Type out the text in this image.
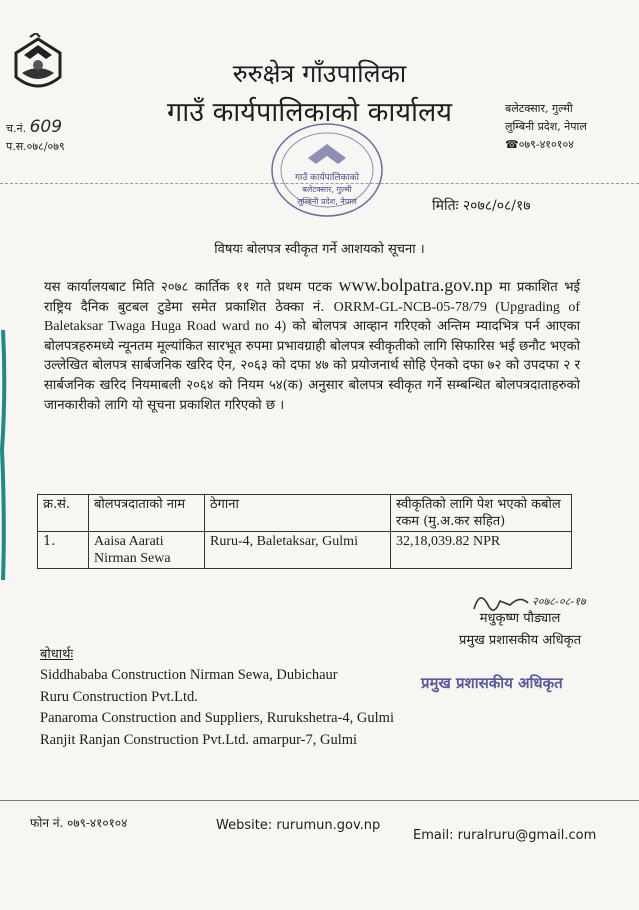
च.नं. 609
प.स.०७८/०७९
रुरुक्षेत्र गाँउपालिका
गाउँ कार्यपालिकाको कार्यालय	बलेटक्सार, गुल्मी
लुम्बिनी प्रदेश, नेपाल
☎०७९-४१०१०४
गाउँ कार्यपालिकाको
बलेटक्सार, गुल्मी
लुम्बिनी प्रदेश, नेपाल	मितिः २०७८/०८/१७
विषयः बोलपत्र स्वीकृत गर्ने आशयको सूचना ।
यस कार्यालयबाट मिति २०७८ कार्तिक ११ गते प्रथम पटक www.bolpatra.gov.np मा प्रकाशित भई राष्ट्रिय दैनिक बुटबल टुडेमा समेत प्रकाशित ठेक्का नं. ORRM-GL-NCB-05-78/79 (Upgrading of Baletaksar Twaga Huga Road ward no 4) को बोलपत्र आव्हान गरिएको अन्तिम म्यादभित्र पर्न आएका बोलपत्रहरुमध्ये न्यूनतम मूल्यांकित सारभूत रुपमा प्रभावग्राही बोलपत्र स्वीकृतीको लागि सिफारिस भई छनौट भएको उल्लेखित बोलपत्र सार्बजनिक खरिद ऐन, २०६३ को दफा ४७ को प्रयोजनार्थ सोहि ऐनको दफा ७२ को उपदफा २ र सार्बजनिक खरिद नियमाबली २०६४ को नियम ५४(क) अनुसार बोलपत्र स्वीकृत गर्ने सम्बन्धित बोलपत्रदाताहरुको जानकारीको लागि यो सूचना प्रकाशित गरिएको छ ।
क्र.सं.	बोलपत्रदाताको नाम	ठेगाना	स्वीकृतिको लागि पेश भएको कबोल रकम (मु.अ.कर सहित)
1.	Aaisa Aarati Nirman Sewa	Ruru-4, Baletaksar, Gulmi	32,18,039.82 NPR
२०७८-०८-१७
मधुकृष्ण पौड्याल
प्रमुख प्रशासकीय अधिकृत
प्रमुख प्रशासकीय अधिकृत
बोधार्थः
Siddhababa Construction Nirman Sewa, Dubichaur
Ruru Construction Pvt.Ltd.
Panaroma Construction and Suppliers, Rurukshetra-4, Gulmi
Ranjit Ranjan Construction Pvt.Ltd. amarpur-7, Gulmi
फोन नं. ०७९-४१०१०४	Website: rurumun.gov.np
Email: ruralruru@gmail.com
